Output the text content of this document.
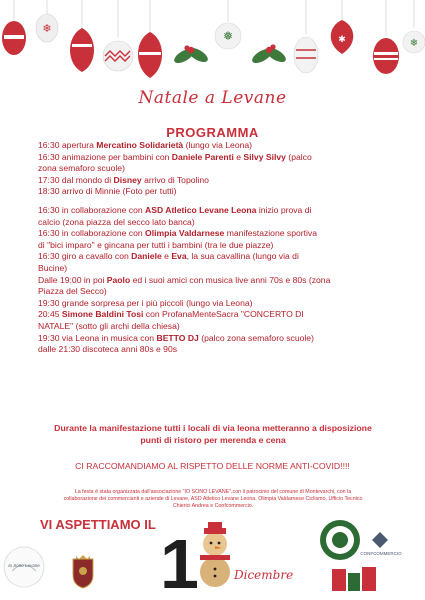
❄	❅	✱	❄
Natale a Levane
PROGRAMMA
16:30 apertura Mercatino Solidarietà (lungo via Leona)
16:30 animazione per bambini con Daniele Parenti e Silvy Silvy (palco
zona semaforo scuole)
17:30 dal mondo di Disney arrivo di Topolino
18:30 arrivo di Minnie (Foto per tutti)
16:30 in collaborazione con ASD Atletico Levane Leona inizio prova di
calcio (zona piazza del secco lato banca)
16:30 in collaborazione con Olimpia Valdarnese manifestazione sportiva
di "bici imparo" e gincana per tutti i bambini (tra le due piazze)
16:30 giro a cavallo con Daniele e Eva, la sua cavallina (lungo via di
Bucine)
Dalle 19:00 in poi Paolo ed i suoi amici con musica live anni 70s e 80s (zona
Piazza del Secco)
19:30 grande sorpresa per i più piccoli (lungo via Leona)
20:45 Simone Baldini Tosi con ProfanaMenteSacra "CONCERTO DI
NATALE" (sotto gli archi della chiesa)
19:30 via Leona in musica con BETTO DJ (palco zona semaforo scuole)
dalle 21:30 discoteca anni 80s e 90s
Durante la manifestazione tutti i locali di via leona metteranno a disposizione punti di ristoro per merenda e cena
CI RACCOMANDIAMO AL RISPETTO DELLE NORME ANTI-COVID!!!!
La festa è stata organizzata dall'associazione "IO SONO LEVANE",con il patrocinio del comune di Montevarchi, con la collaborazione dei commercianti e aziende di Levane, ASD Atletico Levane Leona, Olimpia Valdarnese Ciclismo, Ufficio Tecnico Chierici Andrea e Confcommercio.
VI ASPETTIAMO IL
Io Sono Levane 1 8
Dicembre
CONFCOMMERCIO
